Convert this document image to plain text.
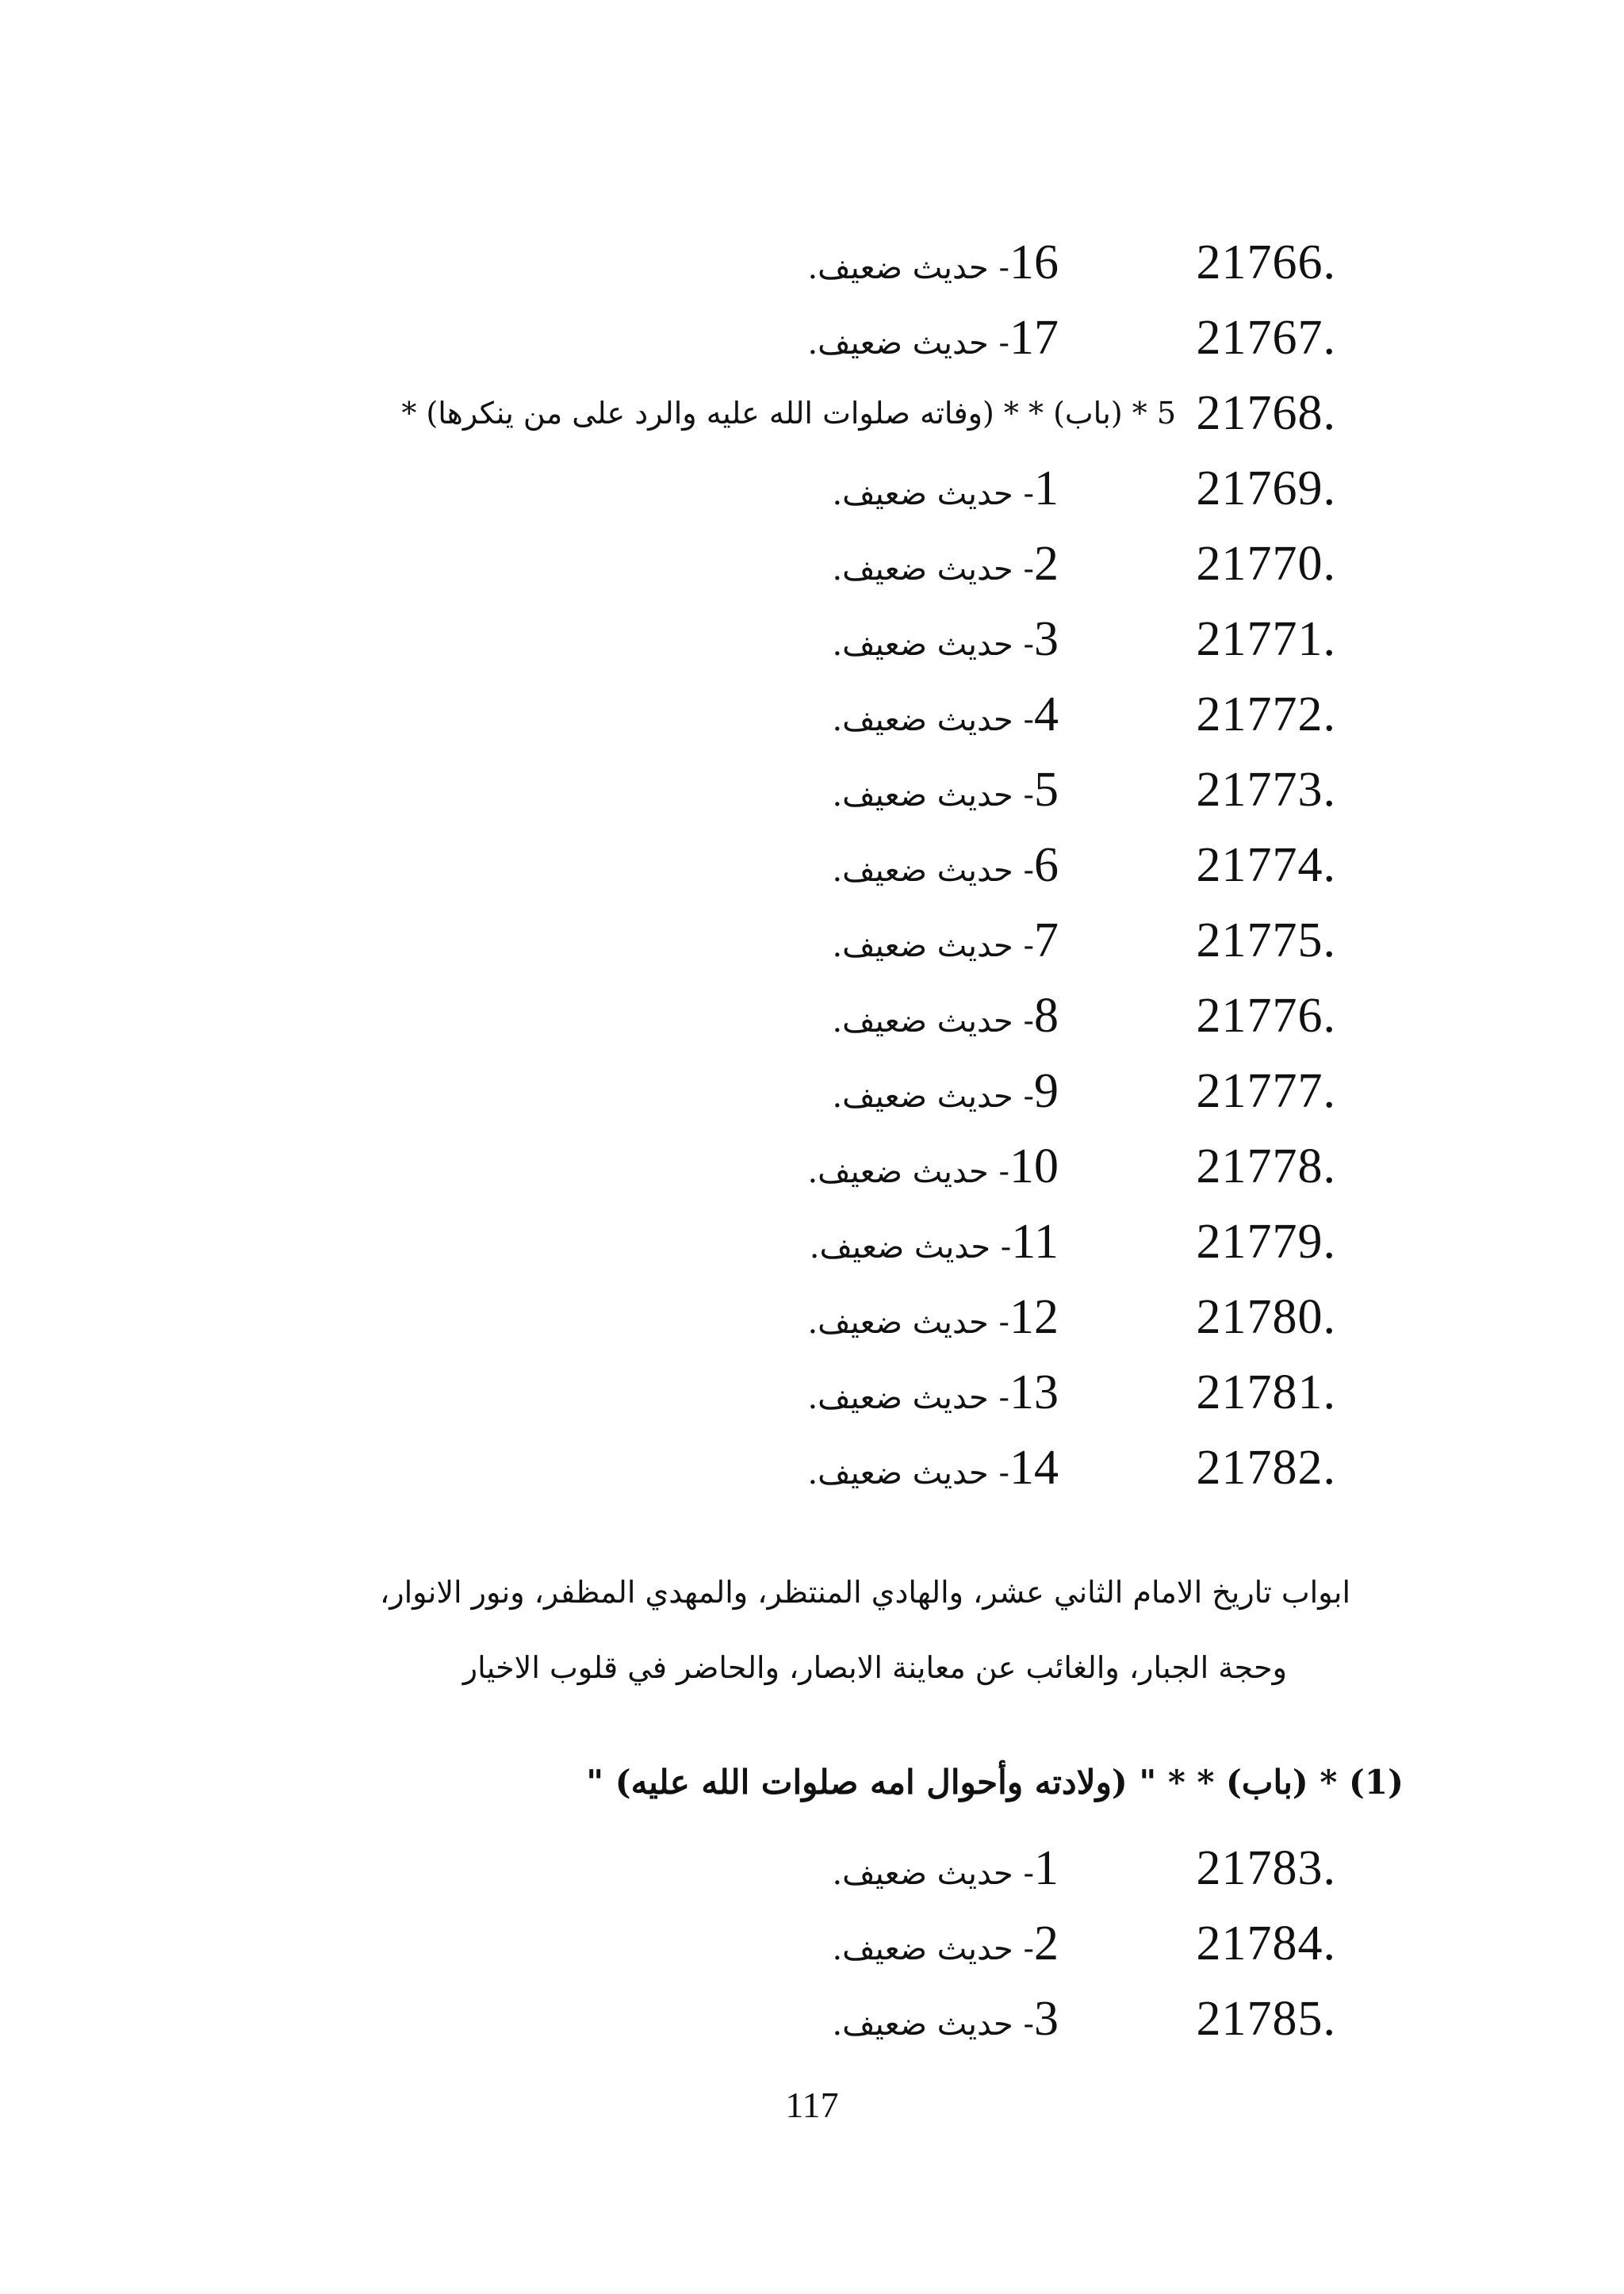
21766.
16- حديث ضعيف.
21767.
17- حديث ضعيف.
21768.
5 * (باب) * * (وفاته صلوات الله عليه والرد على من ينكرها) *
21769.
1- حديث ضعيف.
21770.
2- حديث ضعيف.
21771.
3- حديث ضعيف.
21772.
4- حديث ضعيف.
21773.
5- حديث ضعيف.
21774.
6- حديث ضعيف.
21775.
7- حديث ضعيف.
21776.
8- حديث ضعيف.
21777.
9- حديث ضعيف.
21778.
10- حديث ضعيف.
21779.
11- حديث ضعيف.
21780.
12- حديث ضعيف.
21781.
13- حديث ضعيف.
21782.
14- حديث ضعيف.
ابواب تاريخ الامام الثاني عشر، والهادي المنتظر، والمهدي المظفر، ونور الانوار،
وحجة الجبار، والغائب عن معاينة الابصار، والحاضر في قلوب الاخيار
(1) * (باب) * * " (ولادته وأحوال امه صلوات الله عليه) "
21783.
1- حديث ضعيف.
21784.
2- حديث ضعيف.
21785.
3- حديث ضعيف.
117
